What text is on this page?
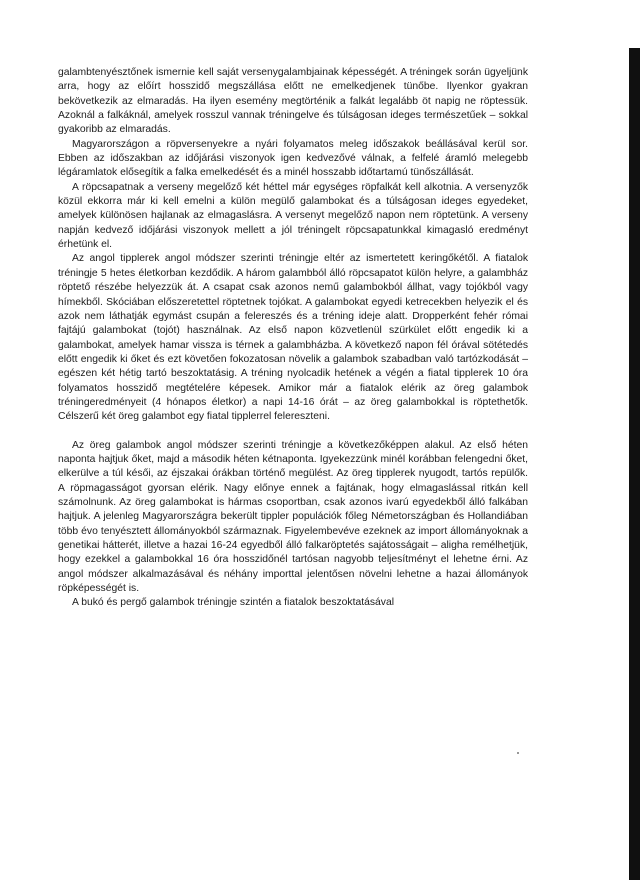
galambtenyésztőnek ismernie kell saját versenygalambjainak képességét. A tréningek során ügyeljünk arra, hogy az előírt hosszidő megszállása előtt ne emelkedjenek tünőbe. Ilyenkor gyakran bekövetkezik az elmaradás. Ha ilyen esemény megtörténik a falkát legalább öt napig ne röptessük. Azoknál a falkáknál, amelyek rosszul vannak tréningelve és túlságosan ideges természetűek – sokkal gyakoribb az elmaradás.

Magyarországon a röpversenyekre a nyári folyamatos meleg időszakok beállásával kerül sor. Ebben az időszakban az időjárási viszonyok igen kedvezővé válnak, a felfelé áramló melegebb légáramlatok elősegítik a falka emelkedését és a minél hosszabb időtartamú tünőszállását.

A röpcsapatnak a verseny megelőző két héttel már egységes röpfalkát kell alkotnia. A versenyzők közül ekkorra már ki kell emelni a külön megülő galambokat és a túlságosan ideges egyedeket, amelyek különösen hajlanak az elmagaslásra. A versenyt megelőző napon nem röptetünk. A verseny napján kedvező időjárási viszonyok mellett a jól tréningelt röpcsapatunkkal kimagasló eredményt érhetünk el.

Az angol tipplerek angol módszer szerinti tréningje eltér az ismertetett keringőkétől. A fiatalok tréningje 5 hetes életkorban kezdődik. A három galambból álló röpcsapatot külön helyre, a galambház röptető részébe helyezzük át. A csapat csak azonos nemű galambokból állhat, vagy tojókból vagy hímekből. Skóciában előszeretettel röptetnek tojókat. A galambokat egyedi ketrecekben helyezik el és azok nem láthatják egymást csupán a felereszés és a tréning ideje alatt. Dropperként fehér római fajtájú galambokat (tojót) használnak. Az első napon közvetlenül szürkület előtt engedik ki a galambokat, amelyek hamar vissza is térnek a galambházba. A következő napon fél órával sötétedés előtt engedik ki őket és ezt követően fokozatosan növelik a galambok szabadban való tartózkodását – egészen két hétig tartó beszoktatásig. A tréning nyolcadik hetének a végén a fiatal tipplerek 10 óra folyamatos hosszidő megtételére képesek. Amikor már a fiatalok elérik az öreg galambok tréningeredményeit (4 hónapos életkor) a napi 14-16 órát – az öreg galambokkal is röptethetők. Célszerű két öreg galambot egy fiatal tipplerrel felereszteni.

Az öreg galambok angol módszer szerinti tréningje a következőképpen alakul. Az első héten naponta hajtjuk őket, majd a második héten kétnaponta. Igyekezzünk minél korábban felengedni őket, elkerülve a túl késői, az éjszakai órákban történő megülést. Az öreg tipplerek nyugodt, tartós repülők. A röpmagasságot gyorsan elérik. Nagy előnye ennek a fajtának, hogy elmagaslással ritkán kell számolnunk. Az öreg galambokat is hármas csoportban, csak azonos ivarú egyedekből álló falkában hajtjuk. A jelenleg Magyarországra bekerült tippler populációk főleg Németországban és Hollandiában több évo tenyésztett állományokból származnak. Figyelembevéve ezeknek az import állományoknak a genetikai hátterét, illetve a hazai 16-24 egyedből álló falkaröptetés sajátosságait – aligha remélhetjük, hogy ezekkel a galambokkal 16 óra hosszidőnél tartósan nagyobb teljesítményt el lehetne érni. Az angol módszer alkalmazásával és néhány importtal jelentősen növelni lehetne a hazai állományok röpképességét is.

A bukó és pergő galambok tréningje szintén a fiatalok beszoktatásával
